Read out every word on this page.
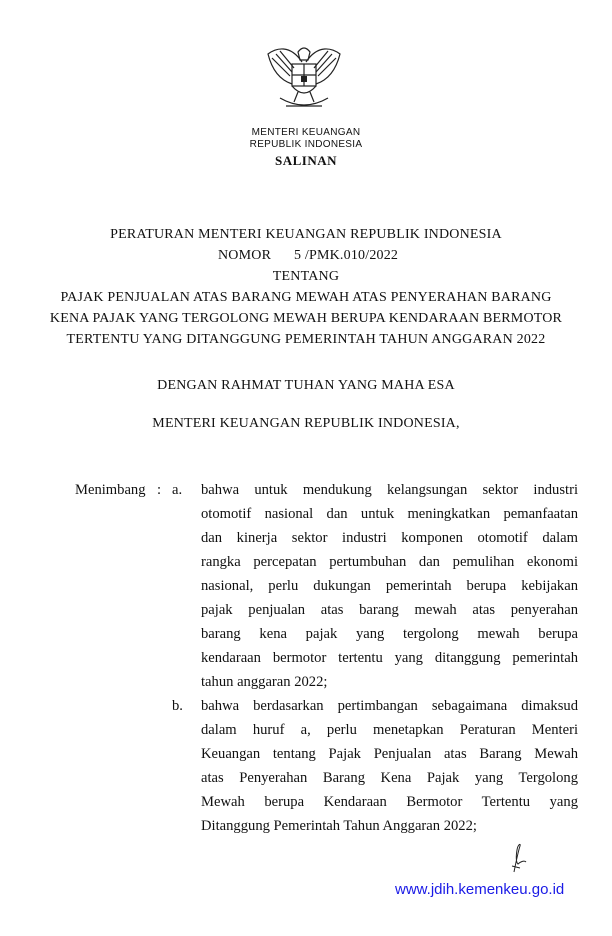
MENTERI KEUANGAN
REPUBLIK INDONESIA
SALINAN
PERATURAN MENTERI KEUANGAN REPUBLIK INDONESIA
NOMOR 5 /PMK.010/2022
TENTANG
PAJAK PENJUALAN ATAS BARANG MEWAH ATAS PENYERAHAN BARANG
KENA PAJAK YANG TERGOLONG MEWAH BERUPA KENDARAAN BERMOTOR
TERTENTU YANG DITANGGUNG PEMERINTAH TAHUN ANGGARAN 2022
DENGAN RAHMAT TUHAN YANG MAHA ESA
MENTERI KEUANGAN REPUBLIK INDONESIA,
Menimbang : a.
b.
bahwa untuk mendukung kelangsungan sektor industri
otomotif nasional dan untuk meningkatkan pemanfaatan
dan kinerja sektor industri komponen otomotif dalam
rangka percepatan pertumbuhan dan pemulihan ekonomi
nasional, perlu dukungan pemerintah berupa kebijakan
pajak penjualan atas barang mewah atas penyerahan
barang kena pajak yang tergolong mewah berupa
kendaraan bermotor tertentu yang ditanggung pemerintah
tahun anggaran 2022;
bahwa berdasarkan pertimbangan sebagaimana dimaksud
dalam huruf a, perlu menetapkan Peraturan Menteri
Keuangan tentang Pajak Penjualan atas Barang Mewah
atas Penyerahan Barang Kena Pajak yang Tergolong
Mewah berupa Kendaraan Bermotor Tertentu yang
Ditanggung Pemerintah Tahun Anggaran 2022;
www.jdih.kemenkeu.go.id
